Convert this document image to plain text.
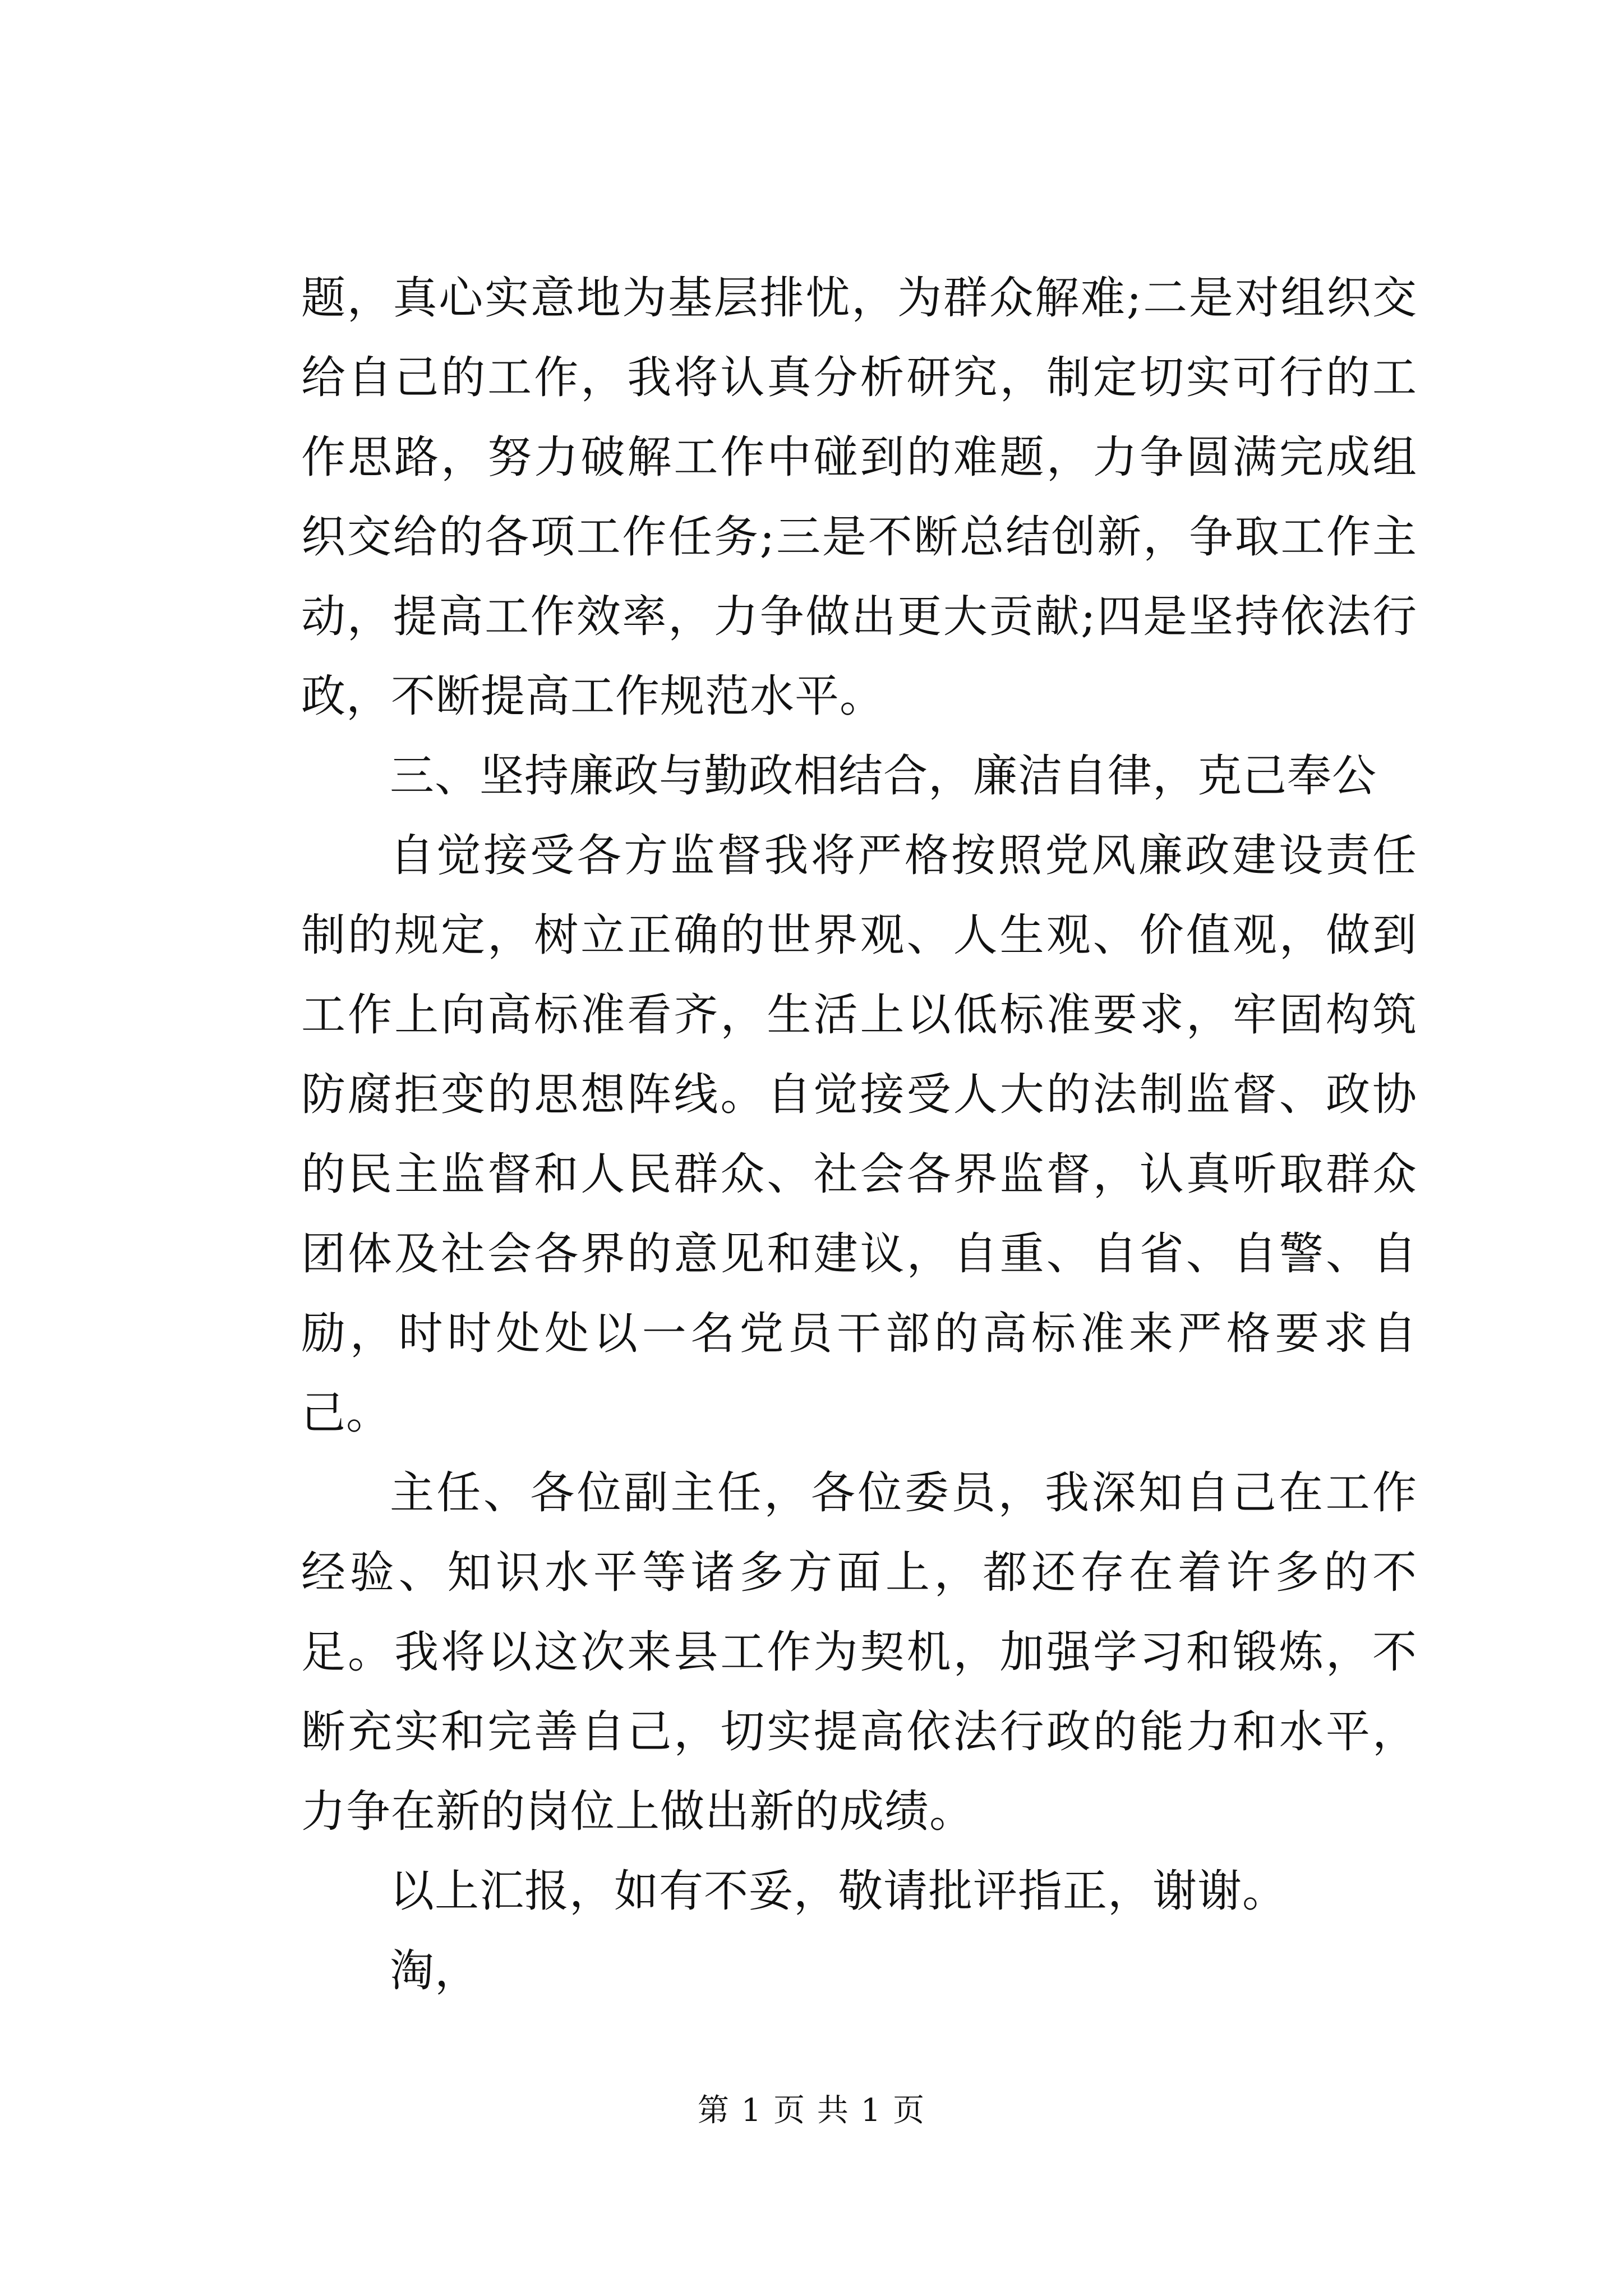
题，真心实意地为基层排忧，为群众解难;二是对组织交给自己的工作，我将认真分析研究，制定切实可行的工作思路，努力破解工作中碰到的难题，力争圆满完成组织交给的各项工作任务;三是不断总结创新，争取工作主动，提高工作效率，力争做出更大贡献;四是坚持依法行政，不断提高工作规范水平。

三、坚持廉政与勤政相结合，廉洁自律，克己奉公

自觉接受各方监督我将严格按照党风廉政建设责任制的规定，树立正确的世界观、人生观、价值观，做到工作上向高标准看齐，生活上以低标准要求，牢固构筑防腐拒变的思想阵线。自觉接受人大的法制监督、政协的民主监督和人民群众、社会各界监督，认真听取群众团体及社会各界的意见和建议，自重、自省、自警、自励，时时处处以一名党员干部的高标准来严格要求自己。

主任、各位副主任，各位委员，我深知自己在工作经验、知识水平等诸多方面上，都还存在着许多的不足。我将以这次来县工作为契机，加强学习和锻炼，不断充实和完善自己，切实提高依法行政的能力和水平，力争在新的岗位上做出新的成绩。

以上汇报，如有不妥，敬请批评指正，谢谢。

淘，

第 1 页 共 1 页
